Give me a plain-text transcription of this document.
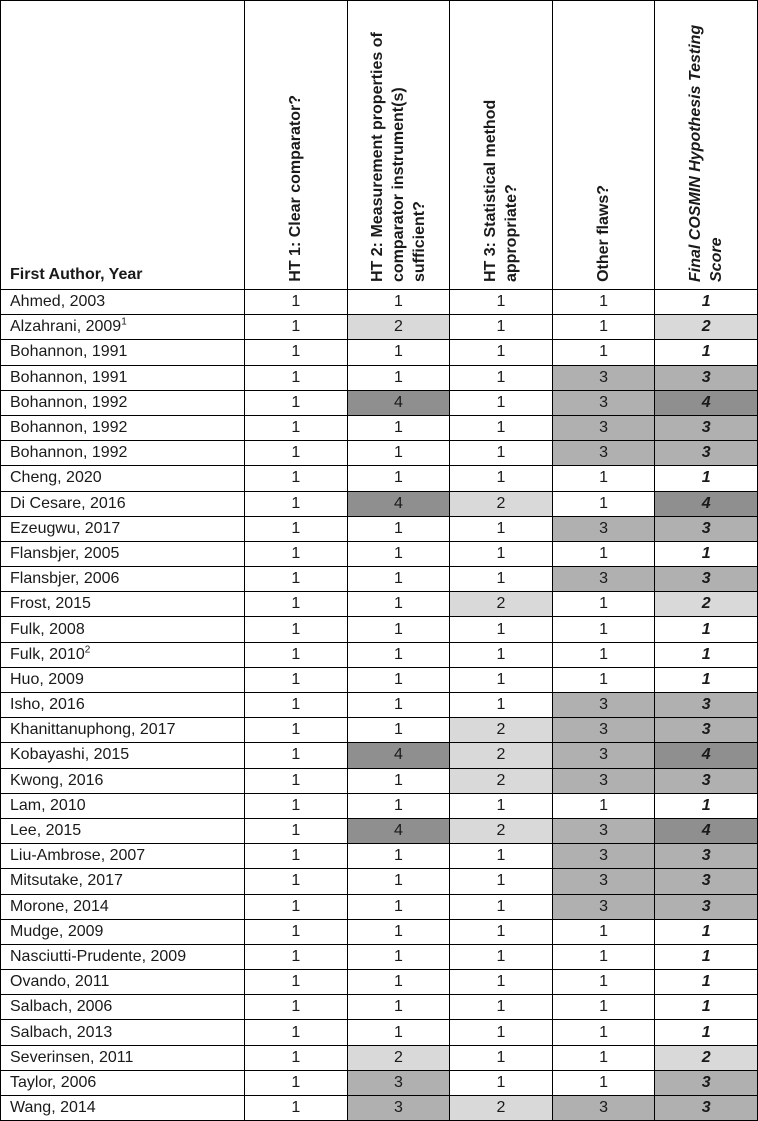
First Author, Year	HT 1: Clear comparator?	HT 2: Measurement properties of comparator instrument(s) sufficient?	HT 3: Statistical method appropriate?	Other flaws?	Final COSMIN Hypothesis Testing Score

Ahmed, 2003	1	1	1	1	1
Alzahrani, 2009$^1$	1	2	1	1	2
Bohannon, 1991	1	1	1	1	1
Bohannon, 1991	1	1	1	3	3
Bohannon, 1992	1	4	1	3	4
Bohannon, 1992	1	1	1	3	3
Bohannon, 1992	1	1	1	3	3
Cheng, 2020	1	1	1	1	1
Di Cesare, 2016	1	4	2	1	4
Ezeugwu, 2017	1	1	1	3	3
Flansbjer, 2005	1	1	1	1	1
Flansbjer, 2006	1	1	1	3	3
Frost, 2015	1	1	2	1	2
Fulk, 2008	1	1	1	1	1
Fulk, 2010$^2$	1	1	1	1	1
Huo, 2009	1	1	1	1	1
Isho, 2016	1	1	1	3	3
Khanittanuphong, 2017	1	1	2	3	3
Kobayashi, 2015	1	4	2	3	4
Kwong, 2016	1	1	2	3	3
Lam, 2010	1	1	1	1	1
Lee, 2015	1	4	2	3	4
Liu-Ambrose, 2007	1	1	1	3	3
Mitsutake, 2017	1	1	1	3	3
Morone, 2014	1	1	1	3	3
Mudge, 2009	1	1	1	1	1
Nasciutti-Prudente, 2009	1	1	1	1	1
Ovando, 2011	1	1	1	1	1
Salbach, 2006	1	1	1	1	1
Salbach, 2013	1	1	1	1	1
Severinsen, 2011	1	2	1	1	2
Taylor, 2006	1	3	1	1	3
Wang, 2014	1	3	2	3	3
